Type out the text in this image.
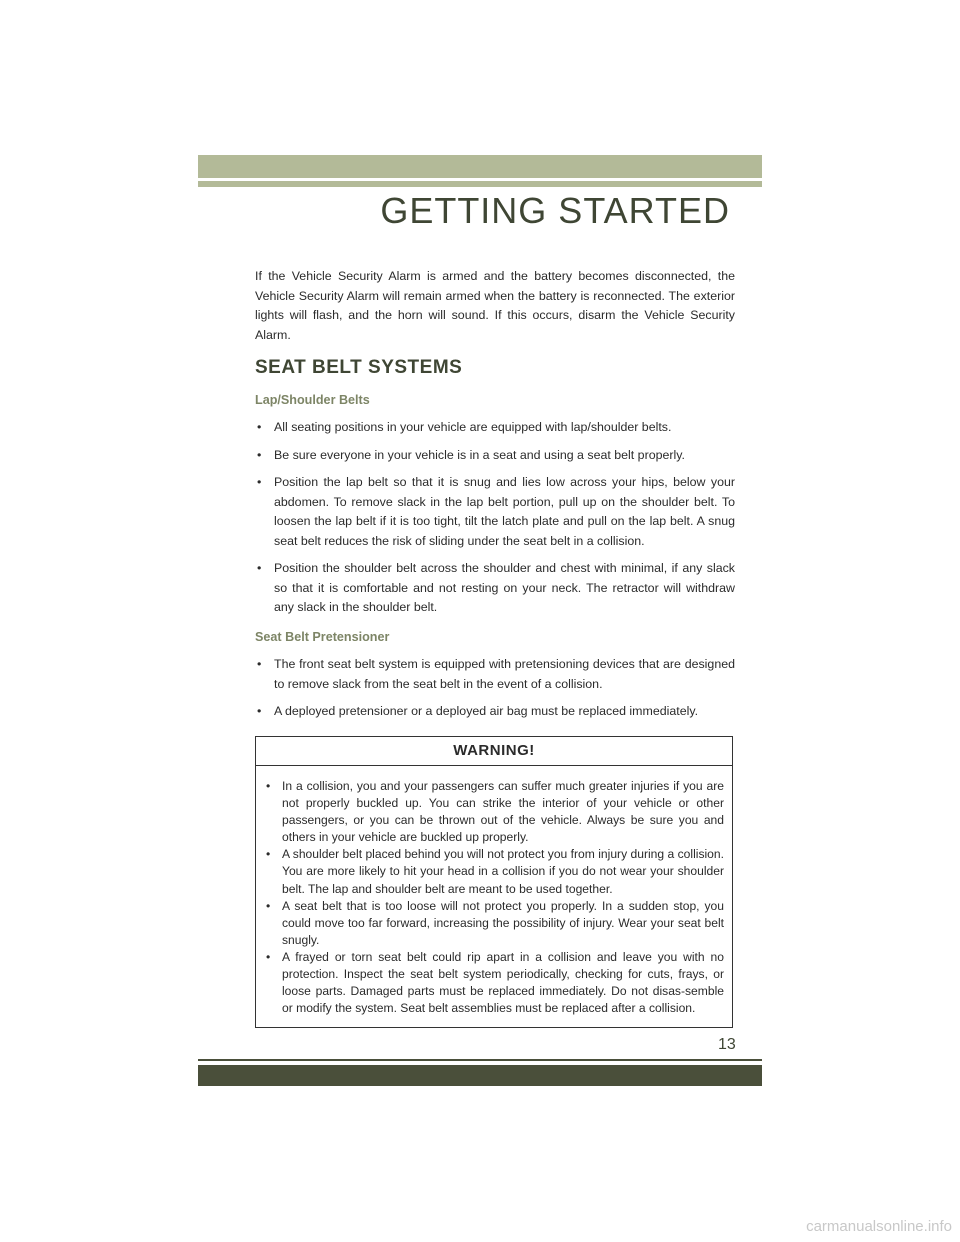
GETTING STARTED

If the Vehicle Security Alarm is armed and the battery becomes disconnected, the Vehicle Security Alarm will remain armed when the battery is reconnected. The exterior lights will flash, and the horn will sound. If this occurs, disarm the Vehicle Security Alarm.

SEAT BELT SYSTEMS
Lap/Shoulder Belts
• All seating positions in your vehicle are equipped with lap/shoulder belts.
• Be sure everyone in your vehicle is in a seat and using a seat belt properly.
• Position the lap belt so that it is snug and lies low across your hips, below your abdomen. To remove slack in the lap belt portion, pull up on the shoulder belt. To loosen the lap belt if it is too tight, tilt the latch plate and pull on the lap belt. A snug seat belt reduces the risk of sliding under the seat belt in a collision.
• Position the shoulder belt across the shoulder and chest with minimal, if any slack so that it is comfortable and not resting on your neck. The retractor will withdraw any slack in the shoulder belt.
Seat Belt Pretensioner
• The front seat belt system is equipped with pretensioning devices that are designed to remove slack from the seat belt in the event of a collision.
• A deployed pretensioner or a deployed air bag must be replaced immediately.
WARNING!
• In a collision, you and your passengers can suffer much greater injuries if you are not properly buckled up. You can strike the interior of your vehicle or other passengers, or you can be thrown out of the vehicle. Always be sure you and others in your vehicle are buckled up properly.
• A shoulder belt placed behind you will not protect you from injury during a collision. You are more likely to hit your head in a collision if you do not wear your shoulder belt. The lap and shoulder belt are meant to be used together.
• A seat belt that is too loose will not protect you properly. In a sudden stop, you could move too far forward, increasing the possibility of injury. Wear your seat belt snugly.
• A frayed or torn seat belt could rip apart in a collision and leave you with no protection. Inspect the seat belt system periodically, checking for cuts, frays, or loose parts. Damaged parts must be replaced immediately. Do not disas-semble or modify the system. Seat belt assemblies must be replaced after a collision.
13
carmanualsonline.info
